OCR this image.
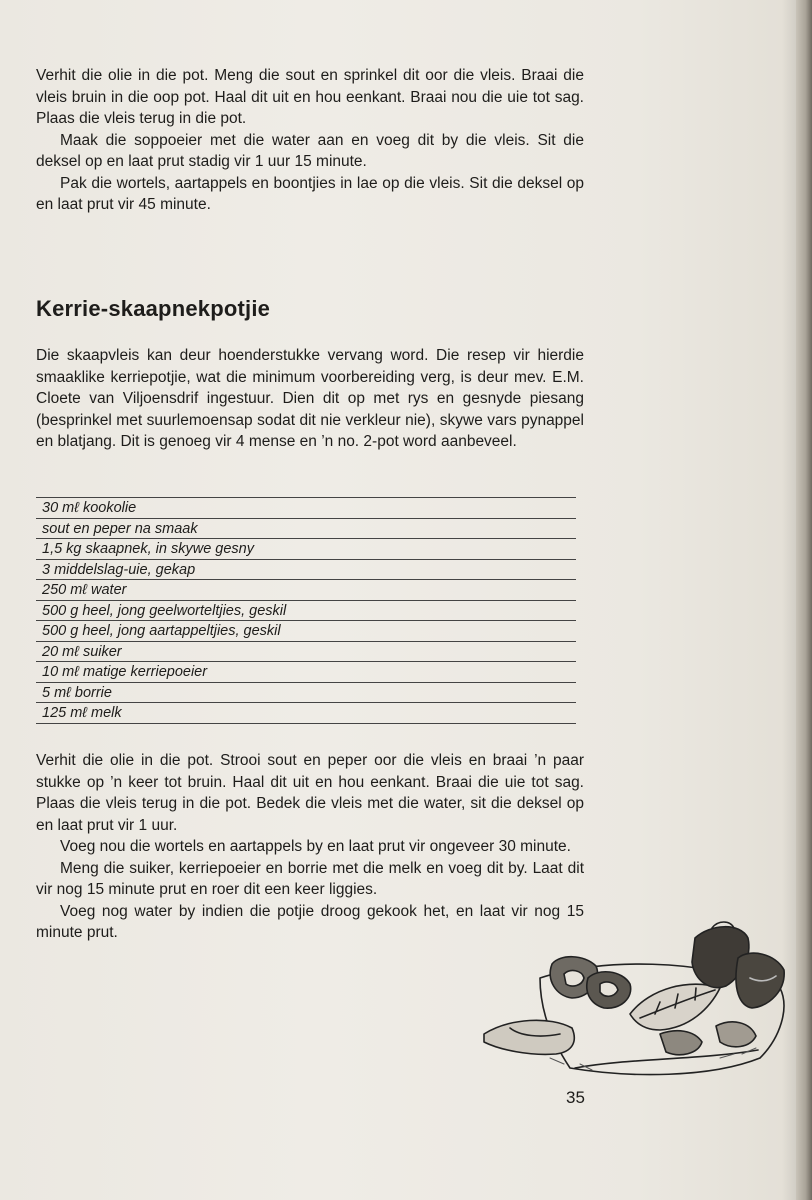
Verhit die olie in die pot. Meng die sout en sprinkel dit oor die vleis. Braai die vleis bruin in die oop pot. Haal dit uit en hou eenkant. Braai nou die uie tot sag. Plaas die vleis terug in die pot.

Maak die soppoeier met die water aan en voeg dit by die vleis. Sit die deksel op en laat prut stadig vir 1 uur 15 minute.

Pak die wortels, aartappels en boontjies in lae op die vleis. Sit die deksel op en laat prut vir 45 minute.

Kerrie-skaapnekpotjie

Die skaapvleis kan deur hoenderstukke vervang word. Die resep vir hierdie smaaklike kerriepotjie, wat die minimum voorbereiding verg, is deur mev. E.M. Cloete van Viljoensdrif ingestuur. Dien dit op met rys en gesnyde piesang (besprinkel met suurlemoensap sodat dit nie verkleur nie), skywe vars pynappel en blatjang. Dit is genoeg vir 4 mense en ’n no. 2-pot word aanbeveel.

30 mℓ kookolie
sout en peper na smaak
1,5 kg skaapnek, in skywe gesny
3 middelslag-uie, gekap
250 mℓ water
500 g heel, jong geelworteltjies, geskil
500 g heel, jong aartappeltjies, geskil
20 mℓ suiker
10 mℓ matige kerriepoeier
5 mℓ borrie
125 mℓ melk

Verhit die olie in die pot. Strooi sout en peper oor die vleis en braai ’n paar stukke op ’n keer tot bruin. Haal dit uit en hou eenkant. Braai die uie tot sag. Plaas die vleis terug in die pot. Bedek die vleis met die water, sit die deksel op en laat prut vir 1 uur.

Voeg nou die wortels en aartappels by en laat prut vir ongeveer 30 minute.

Meng die suiker, kerriepoeier en borrie met die melk en voeg dit by. Laat dit vir nog 15 minute prut en roer dit een keer liggies.

Voeg nog water by indien die potjie droog gekook het, en laat vir nog 15 minute prut.

35
